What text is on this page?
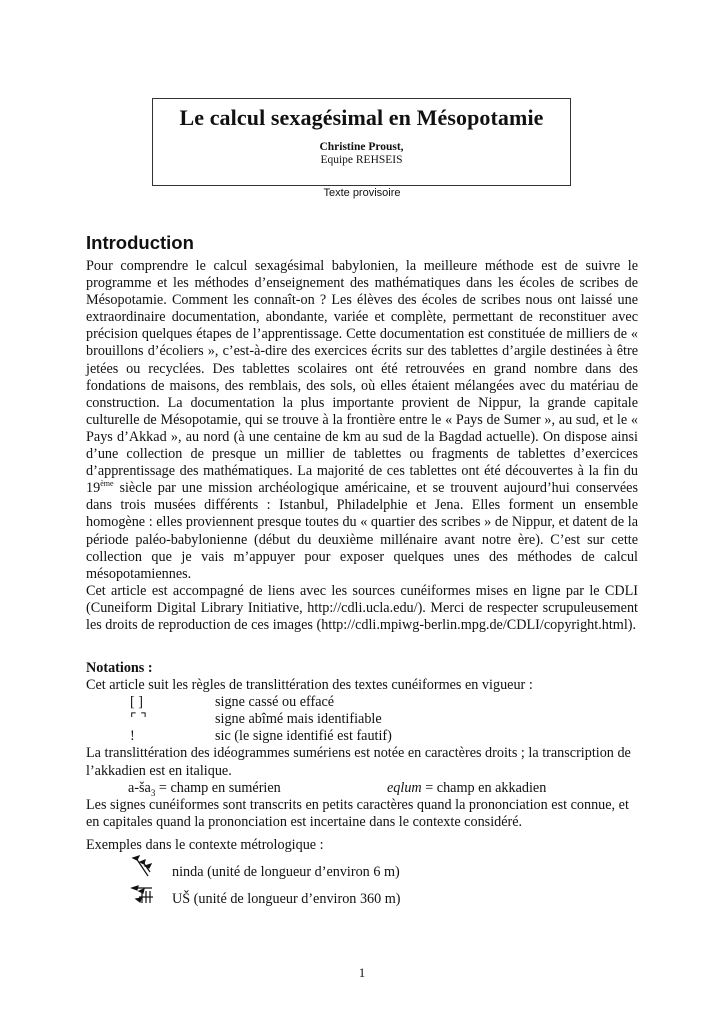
Le calcul sexagésimal en Mésopotamie
Christine Proust,
Equipe REHSEIS
Texte provisoire
Introduction

Pour comprendre le calcul sexagésimal babylonien, la meilleure méthode est de suivre le programme et les méthodes d’enseignement des mathématiques dans les écoles de scribes de Mésopotamie. Comment les connaît-on ? Les élèves des écoles de scribes nous ont laissé une extraordinaire documentation, abondante, variée et complète, permettant de reconstituer avec précision quelques étapes de l’apprentissage. Cette documentation est constituée de milliers de « brouillons d’écoliers », c’est-à-dire des exercices écrits sur des tablettes d’argile destinées à être jetées ou recyclées. Des tablettes scolaires ont été retrouvées en grand nombre dans des fondations de maisons, des remblais, des sols, où elles étaient mélangées avec du matériau de construction. La documentation la plus importante provient de Nippur, la grande capitale culturelle de Mésopotamie, qui se trouve à la frontière entre le « Pays de Sumer », au sud, et le « Pays d’Akkad », au nord (à une centaine de km au sud de la Bagdad actuelle). On dispose ainsi d’une collection de presque un millier de tablettes ou fragments de tablettes d’exercices d’apprentissage des mathématiques. La majorité de ces tablettes ont été découvertes à la fin du 19ème siècle par une mission archéologique américaine, et se trouvent aujourd’hui conservées dans trois musées différents : Istanbul, Philadelphie et Jena. Elles forment un ensemble homogène : elles proviennent presque toutes du « quartier des scribes » de Nippur, et datent de la période paléo-babylonienne (début du deuxième millénaire avant notre ère). C’est sur cette collection que je vais m’appuyer pour exposer quelques unes des méthodes de calcul mésopotamiennes.

Cet article est accompagné de liens avec les sources cunéiformes mises en ligne par le CDLI (Cuneiform Digital Library Initiative, http://cdli.ucla.edu/). Merci de respecter scrupuleusement les droits de reproduction de ces images (http://cdli.mpiwg-berlin.mpg.de/CDLI/copyright.html).

Notations :

Cet article suit les règles de translittération des textes cunéiformes en vigueur :

[ ]	signe cassé ou effacé
⌜ ⌝	signe abîmé mais identifiable
!	sic (le signe identifié est fautif)

La translittération des idéogrammes sumériens est notée en caractères droits ; la transcription de l’akkadien est en italique.

$a-ša_3$ = champ en sumérien	eqlum = champ en akkadien

Les signes cunéiformes sont transcrits en petits caractères quand la prononciation est connue, et en capitales quand la prononciation est incertaine dans le contexte considéré.

Exemples dans le contexte métrologique :

ninda (unité de longueur d’environ 6 m)
UŠ (unité de longueur d’environ 360 m)
1
